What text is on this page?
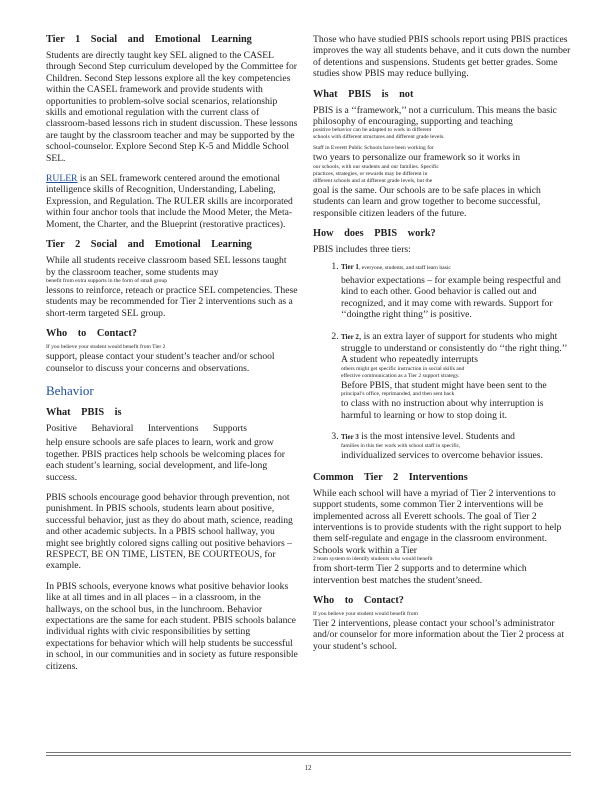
Tier 1 Social and Emotional Learning

Students are directly taught key SEL aligned to the CASEL through Second Step curriculum developed by the Committee for Children. Second Step lessons explore all the key competencies within the CASEL framework and provide students with opportunities to problem-solve social scenarios, relationship skills and emotional regulation with the current class of classroom-based lessons rich in student discussion. These lessons are taught by the classroom teacher and may be supported by the school-counselor. Explore Second Step K-5 and Middle School SEL.

RULER is an SEL framework centered around the emotional intelligence skills of Recognition, Understanding, Labeling, Expression, and Regulation. The RULER skills are incorporated within four anchor tools that include the Mood Meter, the Meta-Moment, the Charter, and the Blueprint (restorative practices).

Tier 2 Social and Emotional Learning

While all students receive classroom based SEL lessons taught by the classroom teacher, some students may
benefit from extra supports in the form of small group
lessons to reinforce, reteach or practice SEL competencies. These students may be recommended for Tier 2 interventions such as a short-term targeted SEL group.

Who to Contact?

If you believe your student would benefit from Tier 2
support, please contact your student’s teacher and/or school counselor to discuss your concerns and observations.

Behavior
What PBIS is
Positive Behavioral Interventions Supports

help ensure schools are safe places to learn, work and grow together. PBIS practices help schools be welcoming places for each student’s learning, social development, and life-long success.

PBIS schools encourage good behavior through prevention, not punishment. In PBIS schools, students learn about positive, successful behavior, just as they do about math, science, reading and other academic subjects. In a PBIS school hallway, you might see brightly colored signs calling out positive behaviors – RESPECT, BE ON TIME, LISTEN, BE COURTEOUS, for example.

In PBIS schools, everyone knows what positive behavior looks like at all times and in all places – in a classroom, in the hallways, on the school bus, in the lunchroom. Behavior expectations are the same for each student. PBIS schools balance individual rights with civic responsibilities by setting expectations for behavior which will help students be successful in school, in our communities and in society as future responsible citizens.

Those who have studied PBIS schools report using PBIS practices improves the way all students behave, and it cuts down the number of detentions and suspensions. Students get better grades. Some studies show PBIS may reduce bullying.

What PBIS is not

PBIS is a ‘‘framework,’’ not a curriculum. This means the basic philosophy of encouraging, supporting and teaching
positive behavior can be adapted to work in different
schools with different structures and different grade levels.
Staff in Everett Public Schools have been working for
two years to personalize our framework so it works in
our schools, with our students and our families. Specific
practices, strategies, or rewards may be different in
different schools and at different grade levels, but the
goal is the same. Our schools are to be safe places in which students can learn and grow together to become successful, responsible citizen leaders of the future.

How does PBIS work?

PBIS includes three tiers:

1. Tier 1, everyone, students, and staff learn basic
behavior expectations – for example being respectful and kind to each other. Good behavior is called out and recognized, and it may come with rewards. Support for ‘‘doingthe right thing’’ is positive.
2. Tier 2, is an extra layer of support for students who might struggle to understand or consistently do ‘‘the right thing.’’ A student who repeatedly interrupts
others might get specific instruction in social skills and
effective communication as a Tier 2 support strategy.
Before PBIS, that student might have been sent to the
principal’s office, reprimanded, and then sent back
to class with no instruction about why interruption is harmful to learning or how to stop doing it.
3. Tier 3 is the most intensive level. Students and
families in this tier work with school staff in specific,
individualized services to overcome behavior issues.
Common Tier 2 Interventions

While each school will have a myriad of Tier 2 interventions to support students, some common Tier 2 interventions will be implemented across all Everett schools. The goal of Tier 2 interventions is to provide students with the right support to help them self-regulate and engage in the classroom environment. Schools work within a Tier
2 team system to identify students who would benefit
from short-term Tier 2 supports and to determine which intervention best matches the student’sneed.

Who to Contact?

If you believe your student would benefit from
Tier 2 interventions, please contact your school’s administrator and/or counselor for more information about the Tier 2 process at your student’s school.

12
